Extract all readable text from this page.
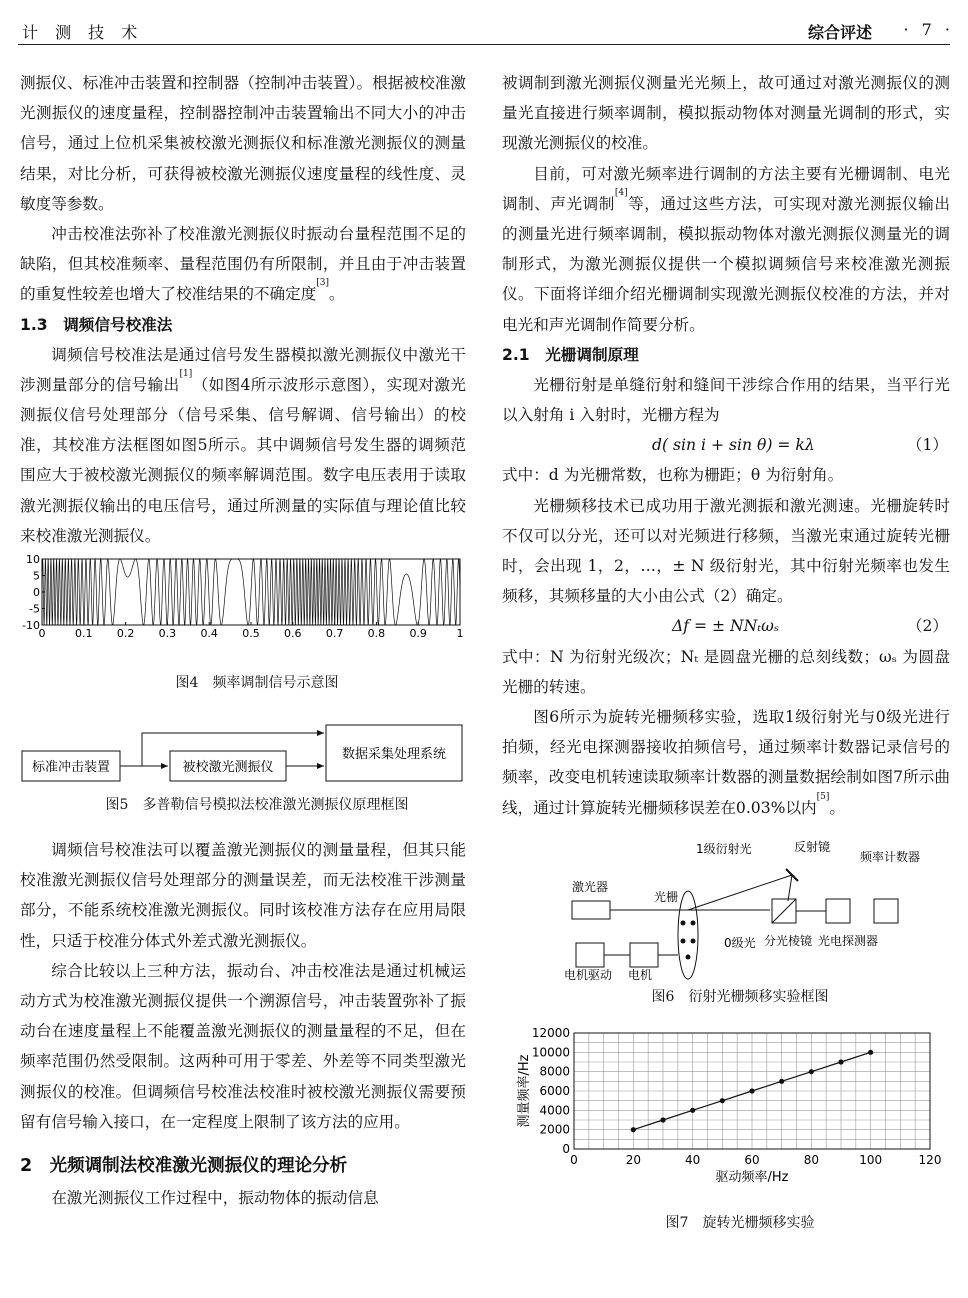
计 测 技 术	综合评述	· 7 ·

测振仪、标准冲击装置和控制器（控制冲击装置）。根据被校准激光测振仪的速度量程，控制器控制冲击装置输出不同大小的冲击信号，通过上位机采集被校激光测振仪和标准激光测振仪的测量结果，对比分析，可获得被校激光测振仪速度量程的线性度、灵敏度等参数。

冲击校准法弥补了校准激光测振仪时振动台量程范围不足的缺陷，但其校准频率、量程范围仍有所限制，并且由于冲击装置的重复性较差也增大了校准结果的不确定度[3]。

1.3　调频信号校准法

调频信号校准法是通过信号发生器模拟激光测振仪中激光干涉测量部分的信号输出[1]（如图4所示波形示意图），实现对激光测振仪信号处理部分（信号采集、信号解调、信号输出）的校准，其校准方法框图如图5所示。其中调频信号发生器的调频范围应大于被校激光测振仪的频率解调范围。数字电压表用于读取激光测振仪输出的电压信号，通过所测量的实际值与理论值比较来校准激光测振仪。

0	0.1 0.2 0.3 0.4 0.5 0.6 0.7 0.8 0.9	1
10
5
0
-5
-10

图4　频率调制信号示意图

标准冲击装置	被校激光测振仪
数据采集处理系统

图5　多普勒信号模拟法校准激光测振仪原理框图

调频信号校准法可以覆盖激光测振仪的测量量程，但其只能校准激光测振仪信号处理部分的测量误差，而无法校准干涉测量部分，不能系统校准激光测振仪。同时该校准方法存在应用局限性，只适于校准分体式外差式激光测振仪。

综合比较以上三种方法，振动台、冲击校准法是通过机械运动方式为校准激光测振仪提供一个溯源信号，冲击装置弥补了振动台在速度量程上不能覆盖激光测振仪的测量量程的不足，但在频率范围仍然受限制。这两种可用于零差、外差等不同类型激光测振仪的校准。但调频信号校准法校准时被校激光测振仪需要预留有信号输入接口，在一定程度上限制了该方法的应用。

2　光频调制法校准激光测振仪的理论分析

在激光测振仪工作过程中，振动物体的振动信息

被调制到激光测振仪测量光光频上，故可通过对激光测振仪的测量光直接进行频率调制，模拟振动物体对测量光调制的形式，实现激光测振仪的校准。

目前，可对激光频率进行调制的方法主要有光栅调制、电光调制、声光调制[4]等，通过这些方法，可实现对激光测振仪输出的测量光进行频率调制，模拟振动物体对激光测振仪测量光的调制形式，为激光测振仪提供一个模拟调频信号来校准激光测振仪。下面将详细介绍光栅调制实现激光测振仪校准的方法，并对电光和声光调制作简要分析。

2.1　光栅调制原理

光栅衍射是单缝衍射和缝间干涉综合作用的结果，当平行光以入射角 i 入射时，光栅方程为

d( sin i + sin θ) = kλ	（1）

式中：d 为光栅常数，也称为栅距；θ 为衍射角。

光栅频移技术已成功用于激光测振和激光测速。光栅旋转时不仅可以分光，还可以对光频进行移频，当激光束通过旋转光栅时，会出现 1，2，…，± N 级衍射光，其中衍射光频率也发生频移，其频移量的大小由公式（2）确定。

Δf = ± NNₜωₛ	（2）

式中：N 为衍射光级次；Nₜ 是圆盘光栅的总刻线数；ωₛ 为圆盘光栅的转速。

图6所示为旋转光栅频移实验，选取1级衍射光与0级光进行拍频，经光电探测器接收拍频信号，通过频率计数器记录信号的频率，改变电机转速读取频率计数器的测量数据绘制如图7所示曲线，通过计算旋转光栅频移误差在0.03%以内[5]。

1级衍射光	反射镜
频率计数器
激光器
光栅
0级光 分光棱镜 光电探测器
电机驱动 电机

图6　衍射光栅频移实验框图

0	20	40	60	80	100	120
0
2000
4000
6000
8000
10000
12000
驱动频率/Hz
测量频率/Hz

图7　旋转光栅频移实验
